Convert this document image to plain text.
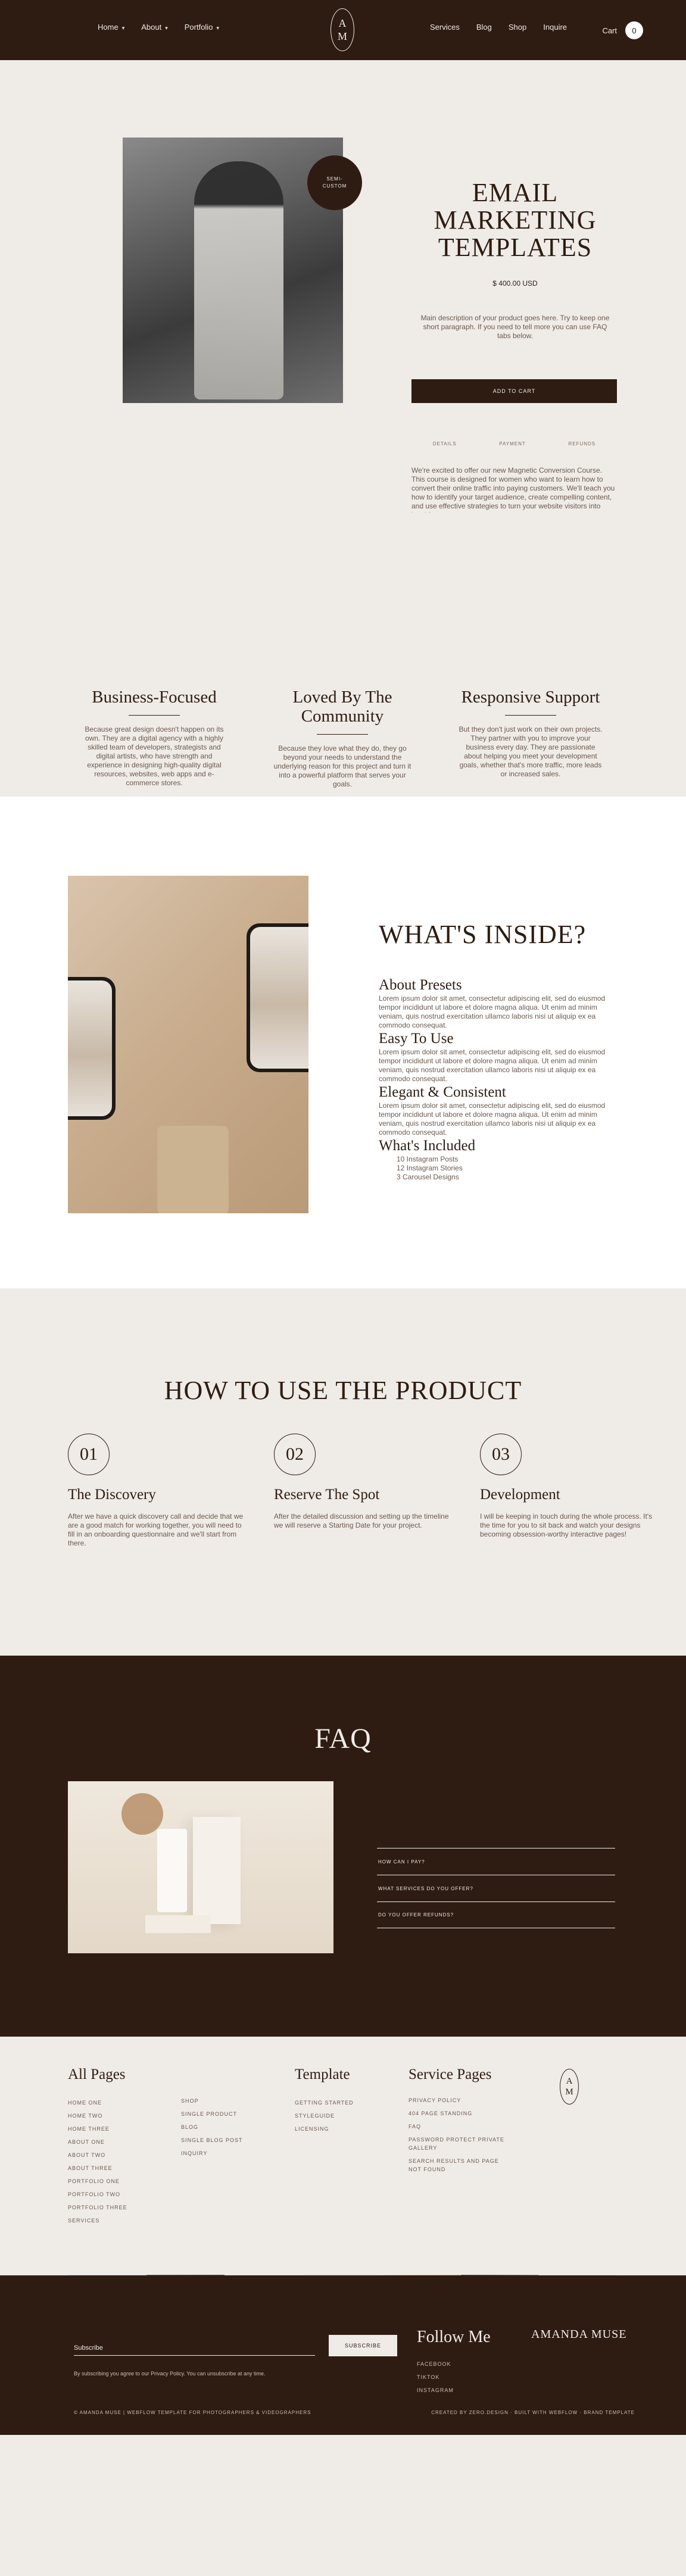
Home ▾ About ▾ Portfolio ▾	A
M
Services Blog Shop Inquire	Cart	0
SEMI-
CUSTOM	EMAIL MARKETING TEMPLATES
$ 400.00 USD

Main description of your product goes here. Try to keep one short paragraph. If you need to tell more you can use FAQ tabs below.

ADD TO CART
DETAILS	PAYMENT	REFUNDS

We're excited to offer our new Magnetic Conversion Course. This course is designed for women who want to learn how to convert their online traffic into paying customers. We'll teach you how to identify your target audience, create compelling content, and use effective strategies to turn your website visitors into

Business-Focused

Because great design doesn't happen on its own. They are a digital agency with a highly skilled team of developers, strategists and digital artists, who have strength and experience in designing high-quality digital resources, websites, web apps and e-commerce stores.

Loved By The Community

Because they love what they do, they go beyond your needs to understand the underlying reason for this project and turn it into a powerful platform that serves your goals.

Responsive Support

But they don't just work on their own projects. They partner with you to improve your business every day. They are passionate about helping you meet your development goals, whether that's more traffic, more leads or increased sales.

WHAT'S INSIDE?
About Presets

Lorem ipsum dolor sit amet, consectetur adipiscing elit, sed do eiusmod tempor incididunt ut labore et dolore magna aliqua. Ut enim ad minim veniam, quis nostrud exercitation ullamco laboris nisi ut aliquip ex ea commodo consequat.

Easy To Use

Lorem ipsum dolor sit amet, consectetur adipiscing elit, sed do eiusmod tempor incididunt ut labore et dolore magna aliqua. Ut enim ad minim veniam, quis nostrud exercitation ullamco laboris nisi ut aliquip ex ea commodo consequat.

Elegant & Consistent

Lorem ipsum dolor sit amet, consectetur adipiscing elit, sed do eiusmod tempor incididunt ut labore et dolore magna aliqua. Ut enim ad minim veniam, quis nostrud exercitation ullamco laboris nisi ut aliquip ex ea commodo consequat.

What's Included
10 Instagram Posts
12 Instagram Stories
3 Carousel Designs
HOW TO USE THE PRODUCT
01
The Discovery

After we have a quick discovery call and decide that we are a good match for working together, you will need to fill in an onboarding questionnaire and we'll start from there.

02
Reserve The Spot

After the detailed discussion and setting up the timeline we will reserve a Starting Date for your project.

03
Development

I will be keeping in touch during the whole process. It's the time for you to sit back and watch your designs becoming obsession-worthy interactive pages!

FAQ
HOW CAN I PAY?
WHAT SERVICES DO YOU OFFER?
DO YOU OFFER REFUNDS?
All Pages
HOME ONE
HOME TWO
HOME THREE
ABOUT ONE
ABOUT TWO
ABOUT THREE
PORTFOLIO ONE
PORTFOLIO TWO
PORTFOLIO THREE
SERVICES
SHOP
SINGLE PRODUCT
BLOG
SINGLE BLOG POST
INQUIRY
Template
GETTING STARTED
STYLEGUIDE
LICENSING
Service Pages
PRIVACY POLICY
404 PAGE STANDING
FAQ
PASSWORD PROTECT PRIVATE GALLERY
SEARCH RESULTS AND PAGE NOT FOUND
A
M
Subscribe	SUBSCRIBE

By subscribing you agree to our Privacy Policy. You can unsubscribe at any time.

Follow Me
FACEBOOK
TIKTOK
INSTAGRAM
AMANDA MUSE
© AMANDA MUSE | WEBFLOW TEMPLATE FOR PHOTOGRAPHERS & VIDEOGRAPHERS	CREATED BY ZERO.DESIGN · BUILT WITH WEBFLOW · BRAND TEMPLATE
